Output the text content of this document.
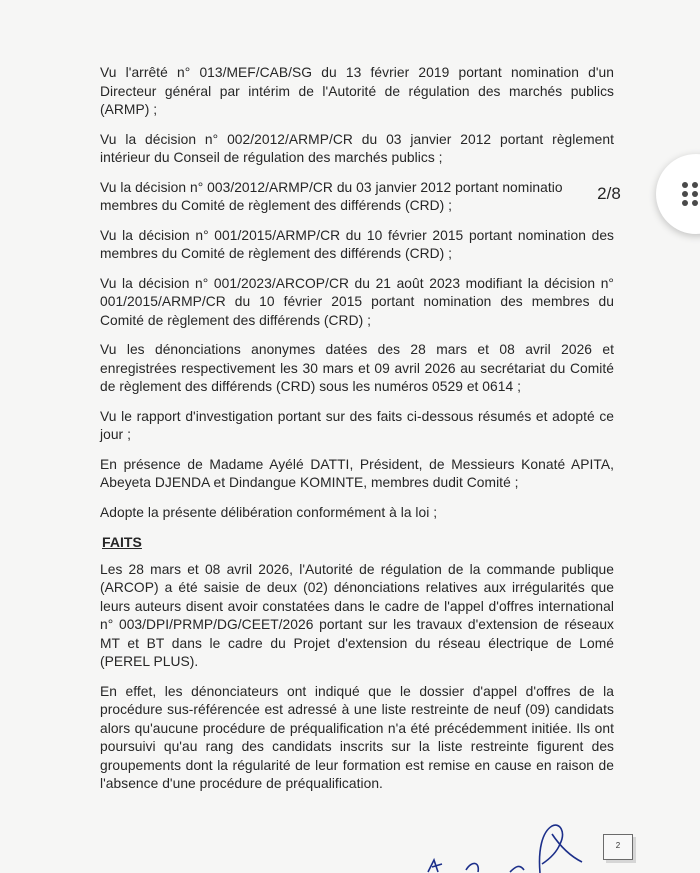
Vu l'arrêté n° 013/MEF/CAB/SG du 13 février 2019 portant nomination d'un Directeur général par intérim de l'Autorité de régulation des marchés publics (ARMP) ;

Vu la décision n° 002/2012/ARMP/CR du 03 janvier 2012 portant règlement intérieur du Conseil de régulation des marchés publics ;

Vu la décision n° 003/2012/ARMP/CR du 03 janvier 2012 portant nominatio
membres du Comité de règlement des différends (CRD) ;

Vu la décision n° 001/2015/ARMP/CR du 10 février 2015 portant nomination des membres du Comité de règlement des différends (CRD) ;

Vu la décision n° 001/2023/ARCOP/CR du 21 août 2023 modifiant la décision n° 001/2015/ARMP/CR du 10 février 2015 portant nomination des membres du Comité de règlement des différends (CRD) ;

Vu les dénonciations anonymes datées des 28 mars et 08 avril 2026 et enregistrées respectivement les 30 mars et 09 avril 2026 au secrétariat du Comité de règlement des différends (CRD) sous les numéros 0529 et 0614 ;

Vu le rapport d'investigation portant sur des faits ci-dessous résumés et adopté ce jour ;

En présence de Madame Ayélé DATTI, Président, de Messieurs Konaté APITA, Abeyeta DJENDA et Dindangue KOMINTE, membres dudit Comité ;

Adopte la présente délibération conformément à la loi ;

FAITS

Les 28 mars et 08 avril 2026, l'Autorité de régulation de la commande publique (ARCOP) a été saisie de deux (02) dénonciations relatives aux irrégularités que leurs auteurs disent avoir constatées dans le cadre de l'appel d'offres international n° 003/DPI/PRMP/DG/CEET/2026 portant sur les travaux d'extension de réseaux MT et BT dans le cadre du Projet d'extension du réseau électrique de Lomé (PEREL PLUS).

En effet, les dénonciateurs ont indiqué que le dossier d'appel d'offres de la procédure sus-référencée est adressé à une liste restreinte de neuf (09) candidats alors qu'aucune procédure de préqualification n'a été précédemment initiée. Ils ont poursuivi qu'au rang des candidats inscrits sur la liste restreinte figurent des groupements dont la régularité de leur formation est remise en cause en raison de l'absence d'une procédure de préqualification.

2/8
2
